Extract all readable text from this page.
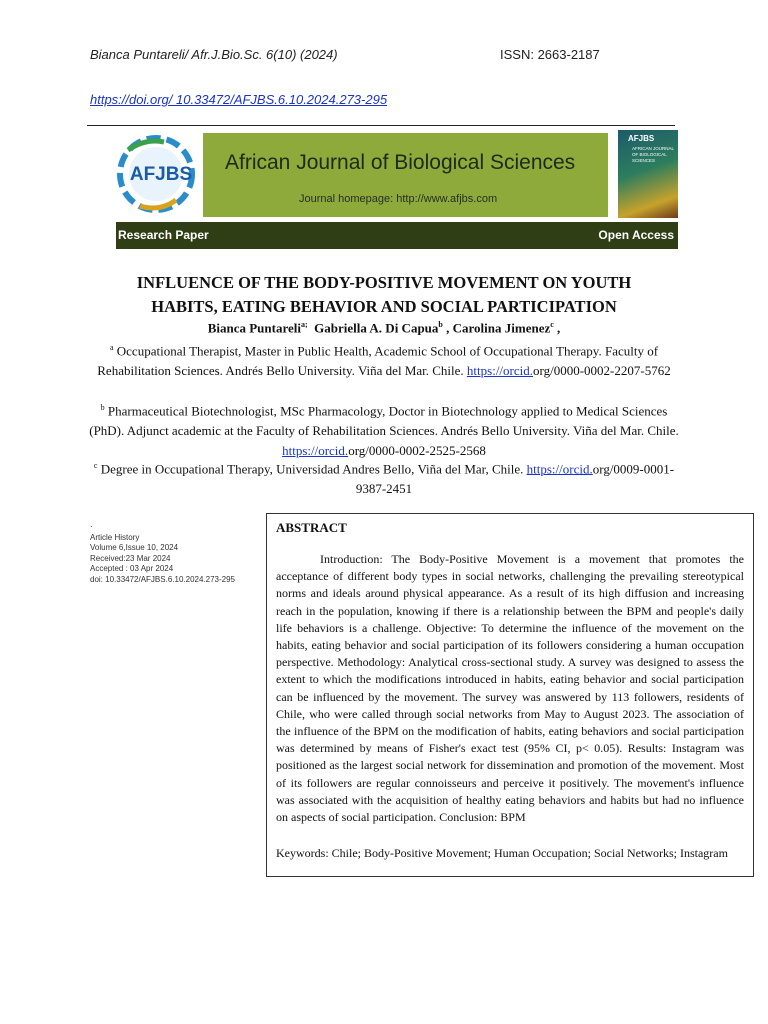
Bianca Puntareli/ Afr.J.Bio.Sc. 6(10) (2024)	ISSN: 2663-2187
https://doi.org/ 10.33472/AFJBS.6.10.2024.273-295
AFJBS
African Journal of Biological Sciences
Journal homepage: http://www.afjbs.com
AFJBS
AFRICAN JOURNAL OF BIOLOGICAL SCIENCES
Research Paper	Open Access
INFLUENCE OF THE BODY-POSITIVE MOVEMENT ON YOUTH
HABITS, EATING BEHAVIOR AND SOCIAL PARTICIPATION
Bianca Puntareli$^{a;}$ Gabriella A. Di Capua$^b$ , Carolina Jimenez$^c$ ,
$^a$ Occupational Therapist, Master in Public Health, Academic School of Occupational Therapy. Faculty of Rehabilitation Sciences. Andrés Bello University. Viña del Mar. Chile. https://orcid.org/0000-0002-2207-5762
$^b$ Pharmaceutical Biotechnologist, MSc Pharmacology, Doctor in Biotechnology applied to Medical Sciences (PhD). Adjunct academic at the Faculty of Rehabilitation Sciences. Andrés Bello University. Viña del Mar. Chile. https://orcid.org/0000-0002-2525-2568
$^c$ Degree in Occupational Therapy, Universidad Andres Bello, Viña del Mar, Chile. https://orcid.org/0009-0001-9387-2451
·
Article History
Volume 6,Issue 10, 2024
Received:23 Mar 2024
Accepted : 03 Apr 2024
doi: 10.33472/AFJBS.6.10.2024.273-295
ABSTRACT
Introduction: The Body-Positive Movement is a movement that promotes the acceptance of different body types in social networks, challenging the prevailing stereotypical norms and ideals around physical appearance. As a result of its high diffusion and increasing reach in the population, knowing if there is a relationship between the BPM and people's daily life behaviors is a challenge. Objective: To determine the influence of the movement on the habits, eating behavior and social participation of its followers considering a human occupation perspective. Methodology: Analytical cross-sectional study. A survey was designed to assess the extent to which the modifications introduced in habits, eating behavior and social participation can be influenced by the movement. The survey was answered by 113 followers, residents of Chile, who were called through social networks from May to August 2023. The association of the influence of the BPM on the modification of habits, eating behaviors and social participation was determined by means of Fisher's exact test (95% CI, p< 0.05). Results: Instagram was positioned as the largest social network for dissemination and promotion of the movement. Most of its followers are regular connoisseurs and perceive it positively. The movement's influence was associated with the acquisition of healthy eating behaviors and habits but had no influence on aspects of social participation. Conclusion: BPM
Keywords: Chile; Body-Positive Movement; Human Occupation; Social Networks; Instagram
